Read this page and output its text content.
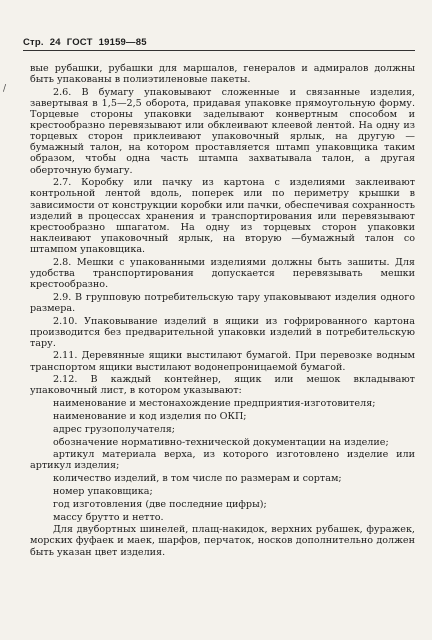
Стр. 24 ГОСТ 19159—85
/

вые рубашки, рубашки для маршалов, генералов и адмиралов должны быть упакованы в полиэтиленовые пакеты.

2.6. В бумагу упаковывают сложенные и связанные изделия, завертывая в 1,5—2,5 оборота, придавая упаковке прямоугольную форму. Торцевые стороны упаковки заделывают конвертным способом и крестообразно перевязывают или обклеивают клеевой лентой. На одну из торцевых сторон приклеивают упаковочный ярлык, на другую — бумажный талон, на котором проставляется штамп упаковщика таким образом, чтобы одна часть штампа захватывала талон, а другая оберточную бумагу.

2.7. Коробку или пачку из картона с изделиями заклеивают контрольной лентой вдоль, поперек или по периметру крышки в зависимости от конструкции коробки или пачки, обеспечивая сохранность изделий в процессах хранения и транспортирования или перевязывают крестообразно шпагатом. На одну из торцевых сторон упаковки наклеивают упаковочный ярлык, на вторую —бумажный талон со штампом упаковщика.

2.8. Мешки с упакованными изделиями должны быть зашиты. Для удобства транспортирования допускается перевязывать мешки крестообразно.

2.9. В групповую потребительскую тару упаковывают изделия одного размера.

2.10. Упаковывание изделий в ящики из гофрированного картона производится без предварительной упаковки изделий в потребительскую тару.

2.11. Деревянные ящики выстилают бумагой. При перевозке водным транспортом ящики выстилают водонепроницаемой бумагой.

2.12. В каждый контейнер, ящик или мешок вкладывают упаковочный лист, в котором указывают:

наименование и местонахождение предприятия-изготовителя;

наименование и код изделия по ОКП;

адрес грузополучателя;

обозначение нормативно-технической документации на изделие;

артикул материала верха, из которого изготовлено изделие или артикул изделия;

количество изделий, в том числе по размерам и сортам;

номер упаковщика;

год изготовления (две последние цифры);

массу брутто и нетто.

Для двубортных шинелей, плащ-накидок, верхних рубашек, фуражек, морских фуфаек и маек, шарфов, перчаток, носков дополнительно должен быть указан цвет изделия.
